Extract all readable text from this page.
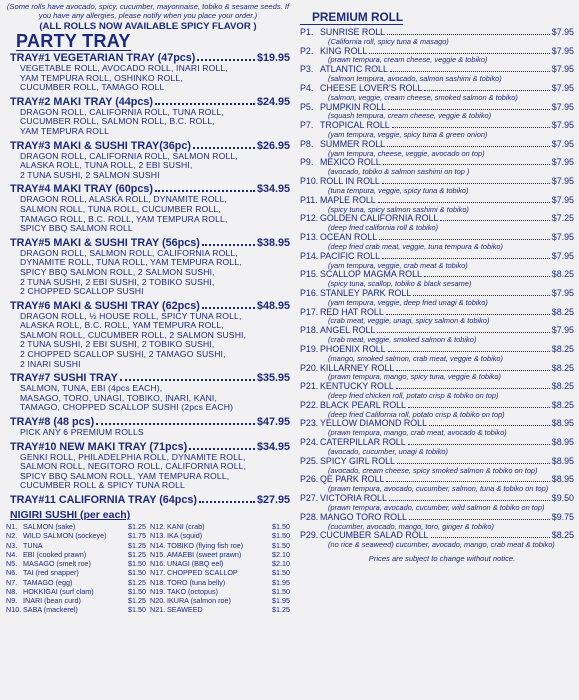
(Some rolls have avocado, spicy, cucumber, mayonnaise, tobiko & sesame seeds. If you have any allergies, please notify when you place your order.)
(ALL ROLLS NOW AVAILABLE SPICY FLAVOR )
PARTY TRAY
TRAY#1 VEGETARIAN TRAY (47pcs)	$19.95
VEGETABLE ROLL, AVOCADO ROLL, INARI ROLL,
YAM TEMPURA ROLL, OSHINKO ROLL,
CUCUMBER ROLL, TAMAGO ROLL
TRAY#2 MAKI TRAY (44pcs)	$24.95
DRAGON ROLL, CALIFORNIA ROLL, TUNA ROLL,
CUCUMBER ROLL, SALMON ROLL, B.C. ROLL,
YAM TEMPURA ROLL
TRAY#3 MAKI & SUSHI TRAY(36pc)	$26.95
DRAGON ROLL, CALIFORNIA ROLL, SALMON ROLL,
ALASKA ROLL, TUNA ROLL, 2 EBI SUSHI,
2 TUNA SUSHI, 2 SALMON SUSHI
TRAY#4 MAKI TRAY (60pcs)	$34.95
DRAGON ROLL, ALASKA ROLL, DYNAMITE ROLL,
SALMON ROLL, TUNA ROLL, CUCUMBER ROLL,
TAMAGO ROLL, B.C. ROLL, YAM TEMPURA ROLL,
SPICY BBQ SALMON ROLL
TRAY#5 MAKI & SUSHI TRAY (56pcs)	$38.95
DRAGON ROLL, SALMON ROLL, CALIFORNIA ROLL,
DYNAMITE ROLL, TUNA ROLL, YAM TEMPURA ROLL,
SPICY BBQ SALMON ROLL, 2 SALMON SUSHI,
2 TUNA SUSHI, 2 EBI SUSHI, 2 TOBIKO SUSHI,
2 CHOPPED SCALLOP SUSHI
TRAY#6 MAKI & SUSHI TRAY (62pcs)	$48.95
DRAGON ROLL, ½ HOUSE ROLL, SPICY TUNA ROLL,
ALASKA ROLL, B.C. ROLL, YAM TEMPURA ROLL,
SALMON ROLL, CUCUMBER ROLL, 2 SALMON SUSHI,
2 TUNA SUSHI, 2 EBI SUSHI, 2 TOBIKO SUSHI,
2 CHOPPED SCALLOP SUSHI, 2 TAMAGO SUSHI,
2 INARI SUSHI
TRAY#7 SUSHI TRAY	$35.95
SALMON, TUNA, EBI (4pcs EACH),
MASAGO, TORO, UNAGI, TOBIKO, INARI, KANI,
TAMAGO, CHOPPED SCALLOP SUSHI (2pcs EACH)
TRAY#8 (48 pcs)	$47.95
PICK ANY 6 PREMIUM ROLLS
TRAY#10 NEW MAKI TRAY (71pcs)	$34.95
GENKI ROLL, PHILADELPHIA ROLL, DYNAMITE ROLL,
SALMON ROLL, NEGITORO ROLL, CALIFORNIA ROLL,
SPICY BBQ SALMON ROLL, YAM TEMPURA ROLL,
CUCUMBER ROLL & SPICY TUNA ROLL
TRAY#11 CALIFORNIA TRAY (64pcs)	$27.95
NIGIRI SUSHI (per each)
N1. SALMON (sake)	$1.25
N2. WILD SALMON (sockeye)	$1.75
N3. TUNA	$1.25
N4. EBI (cooked prawn)	$1.25
N5. MASAGO (smelt roe)	$1.50
N6. TAI (red snapper)	$1.50
N7. TAMAGO (egg)	$1.25
N8. HOKKIGAI (surf clam)	$1.50
N9. INARI (bean curd)	$1.25
N10. SABA (mackerel)	$1.50
N12. KANI (crab)	$1.50
N13. IKA (squid)	$1.50
N14. TOBIKO (flying fish roe)	$1.50
N15. AMAEBI (sweet prawn)	$2.10
N16. UNAGI (BBQ eel)	$2.10
N17. CHOPPED SCALLOP	$1.50
N18. TORO (tuna belly)	$1.95
N19. TAKO (octopus)	$1.50
N20. IKURA (salmon roe)	$1.95
N21. SEAWEED	$1.25
PREMIUM ROLL
P1. SUNRISE ROLL	$7.95
(California roll, spicy tuna & masago)
P2. KING ROLL	$7.95
(prawn tempura, cream cheese, veggie & tobiko)
P3. ATLANTIC ROLL	$7.95
(salmon tempura, avocado, salmon sashimi & tobiko)
P4. CHEESE LOVER'S ROLL	$7.95
(salmon, veggie, cream cheese, smoked salmon & tobiko)
P5. PUMPKIN ROLL	$7.95
(squash tempura, cream cheese, veggie & tobiko)
P7. TROPICAL ROLL	$7.95
(yam tempura, veggie, spicy tuna & green onion)
P8. SUMMER ROLL	$7.95
(yam tempura, cheese, veggie, avocado on top)
P9. MEXICO ROLL	$7.95
(avocado, tobiko & salmon sashimi on top )
P10. ROLL IN ROLL	$7.95
(tuna tempura, veggie, spicy tuna & tobiko)
P11. MAPLE ROLL	$7.95
(spicy tuna, spicy salmon sashimi & tobiko)
P12. GOLDEN CALIFORNIA ROLL	$7.25
(deep fried california roll & tobiko)
P13. OCEAN ROLL	$7.95
(deep fried crab meat, veggie, tuna tempura & tobiko)
P14. PACIFIC ROLL	$7.95
(yam tempura, veggie, crab meat & tobiko)
P15. SCALLOP MAGMA ROLL	$8.25
(spicy tuna, scallop, tobiko & black sesame)
P16. STANLEY PARK ROLL	$7.95
(yam tempura, veggie, deep fried unagi & tobiko)
P17. RED HAT ROLL	$8.25
(crab meat, veggie, unagi, spicy salmon & tobiko)
P18. ANGEL ROLL	$7.95
(crab meat, veggie, smoked salmon & tobiko)
P19. PHOENIX ROLL	$8.25
(mango, smoked salmon, crab meat, veggie & tobiko)
P20. KILLARNEY ROLL	$8.25
(prawn tempura, mango, spicy tuna, veggie & tobiko)
P21. KENTUCKY ROLL	$8.25
(deep fried chicken roll, potato crisp & tobiko on top)
P22. BLACK PEARL ROLL	$8.25
(deep fried California roll, potato crisp & tobiko on top)
P23. YELLOW DIAMOND ROLL	$8.95
(prawn tempura, mango, crab meat, avocado & tobiko)
P24. CATERPILLAR ROLL	$8.95
(avocado, cucumber, unagi & tobiko)
P25. SPICY GIRL ROLL	$8.95
(avocado, cream cheese, spicy smoked salmon & tobiko on top)
P26. QE PARK ROLL	$8.95
(prawn tempura, avocado, cucumber, salmon, tuna & tobiko on top)
P27. VICTORIA ROLL	$9.50
(prawn tempura, avocado, cucumber, wild salmon & tobiko on top)
P28. MANGO TORO ROLL	$9.75
(cucumber, avocado, mango, toro, ginger & tobiko)
P29. CUCUMBER SALAD ROLL	$8.25
(no rice & seaweed) cucumber, avocado, mango, crab meat & tobiko)
Prices are subject to change without notice.
